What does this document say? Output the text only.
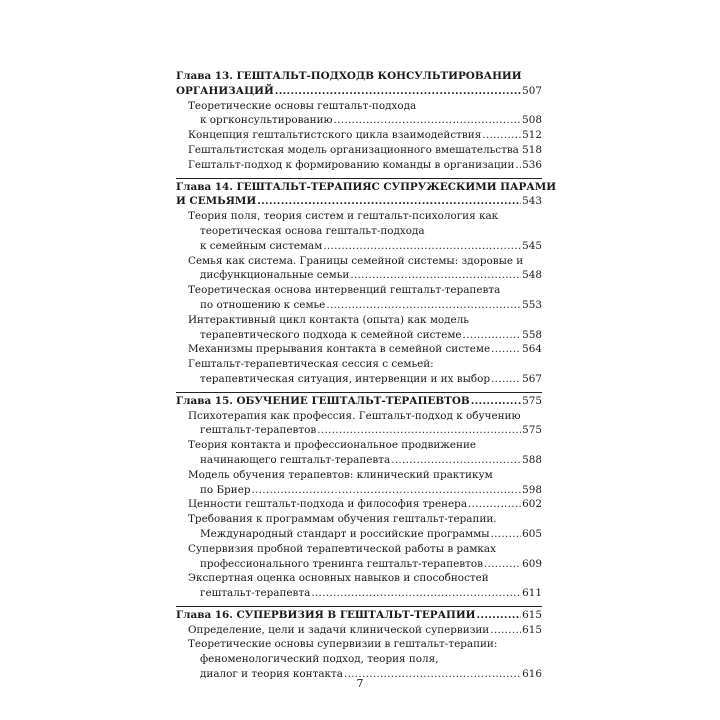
Глава 13. ГЕШТАЛЬТ-ПОДХОДВ КОНСУЛЬТИРОВАНИИ
ОРГАНИЗАЦИЙ .....	507
Теоретические основы гештальт-подхода
к оргконсультированию .....	508
Концепция гештальтистского цикла взаимодействия .....	512
Гештальтистская модель организационного вмешательства ..... 518
Гештальт-подход к формированию команды в организации ..... 536
Глава 14. ГЕШТАЛЬТ-ТЕРАПИЯС СУПРУЖЕСКИМИ ПАРАМИ
И СЕМЬЯМИ .....	543
Теория поля, теория систем и гештальт-психология как
теоретическая основа гештальт-подхода
к семейным системам .....	545
Семья как система. Границы семейной системы: здоровые и
дисфункциональные семьи .....	548
Теоретическая основа интервенций гештальт-терапевта
по отношению к семье .....	553
Интерактивный цикл контакта (опыта) как модель
терапевтического подхода к семейной системе .....	558
Механизмы прерывания контакта в семейной системе .....	564
Гештальт-терапевтическая сессия с семьей:
терапевтическая ситуация, интервенции и их выбор .....	567
Глава 15. ОБУЧЕНИЕ ГЕШТАЛЬТ-ТЕРАПЕВТОВ .....	575
Психотерапия как профессия. Гештальт-подход к обучению
гештальт-терапевтов .....	575
Теория контакта и профессиональное продвижение
начинающего гештальт-терапевта .....	588
Модель обучения терапевтов: клинический практикум
по Бриер .....	598
Ценности гештальт-подхода и философия тренера .....	602
Требования к программам обучения гештальт-терапии.
Международный стандарт и российские программы .....	605
Супервизия пробной терапевтической работы в рамках
профессионального тренинга гештальт-терапевтов .....	609
Экспертная оценка основных навыков и способностей
гештальт-терапевта .....	611
Глава 16. СУПЕРВИЗИЯ В ГЕШТАЛЬТ-ТЕРАПИИ .....	615
Определение, цели и задачи клинической супервизии .....	615
Теоретические основы супервизии в гештальт-терапии:
феноменологический подход, теория поля,
диалог и теория контакта .....	616
7
